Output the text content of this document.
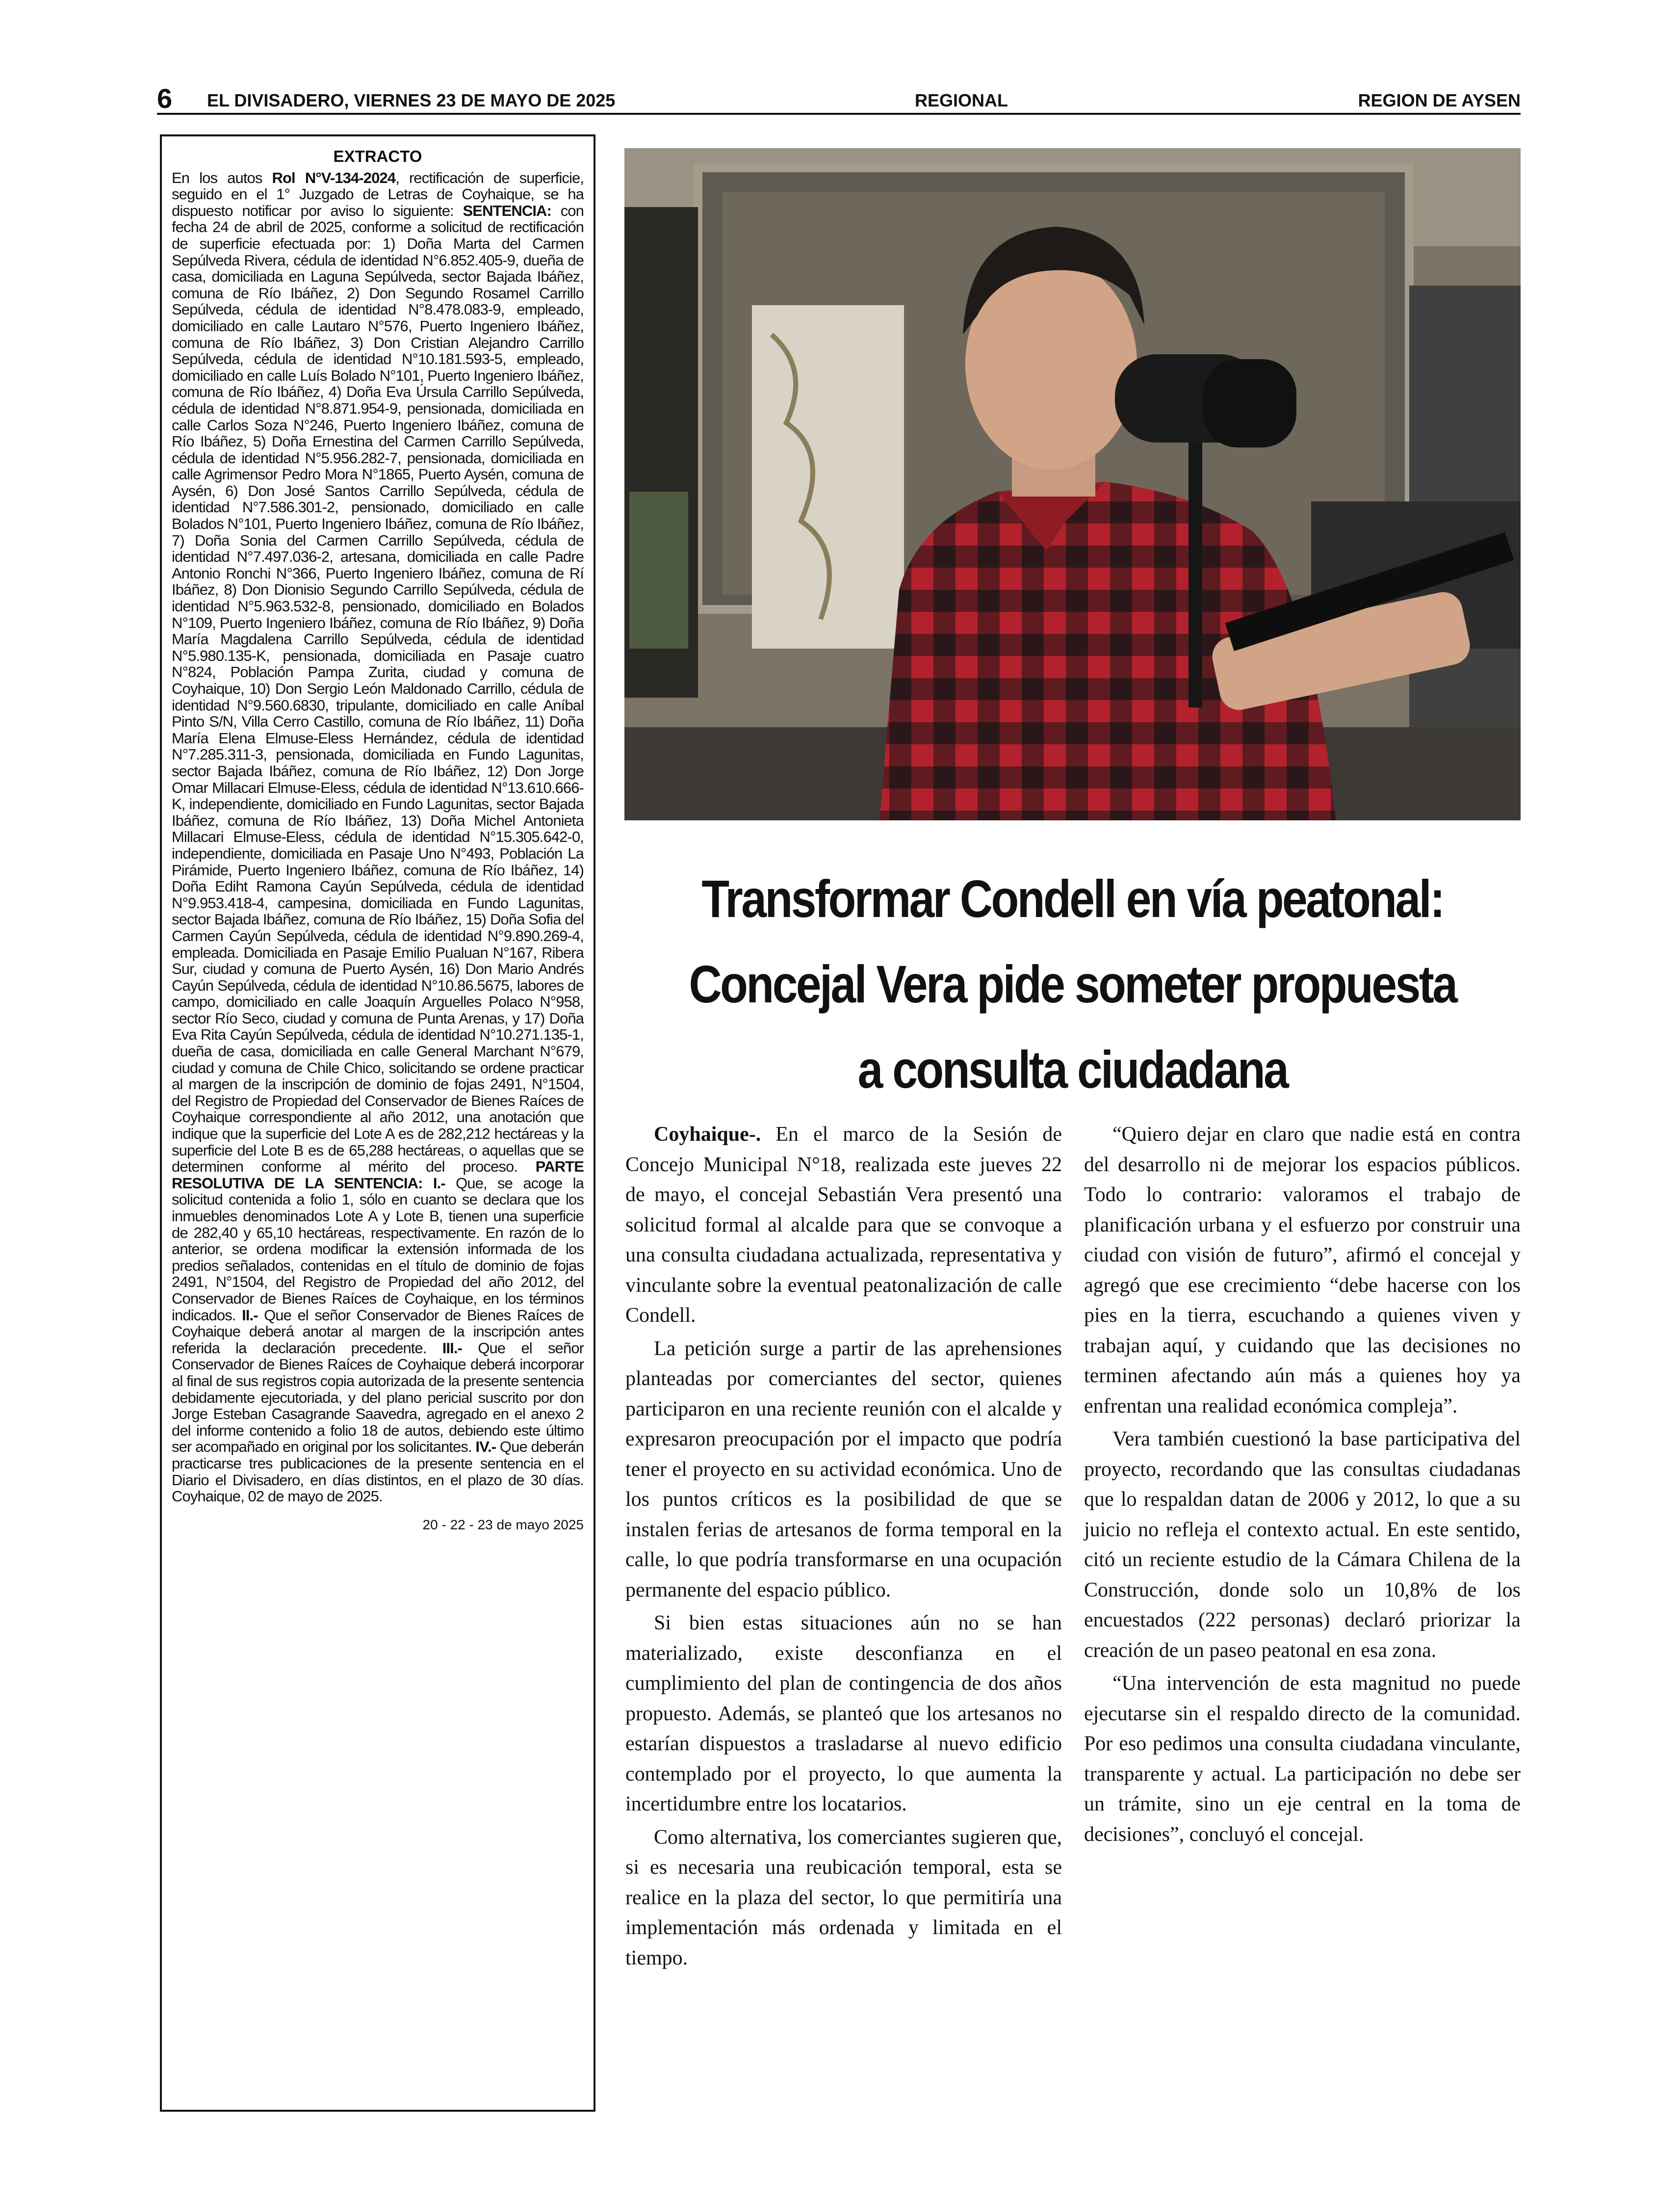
6 EL DIVISADERO, VIERNES 23 DE MAYO DE 2025	REGIONAL	REGION DE AYSEN
EXTRACTO

En los autos Rol N°V-134-2024, rectificación de superficie, seguido en el 1° Juzgado de Letras de Coyhaique, se ha dispuesto notificar por aviso lo siguiente: SENTENCIA: con fecha 24 de abril de 2025, conforme a solicitud de rectificación de superficie efectuada por: 1) Doña Marta del Carmen Sepúlveda Rivera, cédula de identidad N°6.852.405-9, dueña de casa, domiciliada en Laguna Sepúlveda, sector Bajada Ibáñez, comuna de Río Ibáñez, 2) Don Segundo Rosamel Carrillo Sepúlveda, cédula de identidad N°8.478.083-9, empleado, domiciliado en calle Lautaro N°576, Puerto Ingeniero Ibáñez, comuna de Río Ibáñez, 3) Don Cristian Alejandro Carrillo Sepúlveda, cédula de identidad N°10.181.593-5, empleado, domiciliado en calle Luís Bolado N°101, Puerto Ingeniero Ibáñez, comuna de Río Ibáñez, 4) Doña Eva Úrsula Carrillo Sepúlveda, cédula de identidad N°8.871.954-9, pensionada, domiciliada en calle Carlos Soza N°246, Puerto Ingeniero Ibáñez, comuna de Río Ibáñez, 5) Doña Ernestina del Carmen Carrillo Sepúlveda, cédula de identidad N°5.956.282-7, pensionada, domiciliada en calle Agrimensor Pedro Mora N°1865, Puerto Aysén, comuna de Aysén, 6) Don José Santos Carrillo Sepúlveda, cédula de identidad N°7.586.301-2, pensionado, domiciliado en calle Bolados N°101, Puerto Ingeniero Ibáñez, comuna de Río Ibáñez, 7) Doña Sonia del Carmen Carrillo Sepúlveda, cédula de identidad N°7.497.036-2, artesana, domiciliada en calle Padre Antonio Ronchi N°366, Puerto Ingeniero Ibáñez, comuna de Rí Ibáñez, 8) Don Dionisio Segundo Carrillo Sepúlveda, cédula de identidad N°5.963.532-8, pensionado, domiciliado en Bolados N°109, Puerto Ingeniero Ibáñez, comuna de Río Ibáñez, 9) Doña María Magdalena Carrillo Sepúlveda, cédula de identidad N°5.980.135-K, pensionada, domiciliada en Pasaje cuatro N°824, Población Pampa Zurita, ciudad y comuna de Coyhaique, 10) Don Sergio León Maldonado Carrillo, cédula de identidad N°9.560.6830, tripulante, domiciliado en calle Aníbal Pinto S/N, Villa Cerro Castillo, comuna de Río Ibáñez, 11) Doña María Elena Elmuse-Eless Hernández, cédula de identidad N°7.285.311-3, pensionada, domiciliada en Fundo Lagunitas, sector Bajada Ibáñez, comuna de Río Ibáñez, 12) Don Jorge Omar Millacari Elmuse-Eless, cédula de identidad N°13.610.666-K, independiente, domiciliado en Fundo Lagunitas, sector Bajada Ibáñez, comuna de Río Ibáñez, 13) Doña Michel Antonieta Millacari Elmuse-Eless, cédula de identidad N°15.305.642-0, independiente, domiciliada en Pasaje Uno N°493, Población La Pirámide, Puerto Ingeniero Ibáñez, comuna de Río Ibáñez, 14) Doña Ediht Ramona Cayún Sepúlveda, cédula de identidad N°9.953.418-4, campesina, domiciliada en Fundo Lagunitas, sector Bajada Ibáñez, comuna de Río Ibáñez, 15) Doña Sofia del Carmen Cayún Sepúlveda, cédula de identidad N°9.890.269-4, empleada. Domiciliada en Pasaje Emilio Pualuan N°167, Ribera Sur, ciudad y comuna de Puerto Aysén, 16) Don Mario Andrés Cayún Sepúlveda, cédula de identidad N°10.86.5675, labores de campo, domiciliado en calle Joaquín Arguelles Polaco N°958, sector Río Seco, ciudad y comuna de Punta Arenas, y 17) Doña Eva Rita Cayún Sepúlveda, cédula de identidad N°10.271.135-1, dueña de casa, domiciliada en calle General Marchant N°679, ciudad y comuna de Chile Chico, solicitando se ordene practicar al margen de la inscripción de dominio de fojas 2491, N°1504, del Registro de Propiedad del Conservador de Bienes Raíces de Coyhaique correspondiente al año 2012, una anotación que indique que la superficie del Lote A es de 282,212 hectáreas y la superficie del Lote B es de 65,288 hectáreas, o aquellas que se determinen conforme al mérito del proceso. PARTE RESOLUTIVA DE LA SENTENCIA: I.- Que, se acoge la solicitud contenida a folio 1, sólo en cuanto se declara que los inmuebles denominados Lote A y Lote B, tienen una superficie de 282,40 y 65,10 hectáreas, respectivamente. En razón de lo anterior, se ordena modificar la extensión informada de los predios señalados, contenidas en el título de dominio de fojas 2491, N°1504, del Registro de Propiedad del año 2012, del Conservador de Bienes Raíces de Coyhaique, en los términos indicados. II.- Que el señor Conservador de Bienes Raíces de Coyhaique deberá anotar al margen de la inscripción antes referida la declaración precedente. III.- Que el señor Conservador de Bienes Raíces de Coyhaique deberá incorporar al final de sus registros copia autorizada de la presente sentencia debidamente ejecutoriada, y del plano pericial suscrito por don Jorge Esteban Casagrande Saavedra, agregado en el anexo 2 del informe contenido a folio 18 de autos, debiendo este último ser acompañado en original por los solicitantes. IV.- Que deberán practicarse tres publicaciones de la presente sentencia en el Diario el Divisadero, en días distintos, en el plazo de 30 días. Coyhaique, 02 de mayo de 2025.

20 - 22 - 23 de mayo 2025
Transformar Condell en vía peatonal:
Concejal Vera pide someter propuesta
a consulta ciudadana

Coyhaique-. En el marco de la Sesión de Concejo Municipal N°18, realizada este jueves 22 de mayo, el concejal Sebastián Vera presentó una solicitud formal al alcalde para que se convoque a una consulta ciudadana actualizada, representativa y vinculante sobre la eventual peatonalización de calle Condell.

La petición surge a partir de las aprehensiones planteadas por comerciantes del sector, quienes participaron en una reciente reunión con el alcalde y expresaron preocupación por el impacto que podría tener el proyecto en su actividad económica. Uno de los puntos críticos es la posibilidad de que se instalen ferias de artesanos de forma temporal en la calle, lo que podría transformarse en una ocupación permanente del espacio público.

Si bien estas situaciones aún no se han materializado, existe desconfianza en el cumplimiento del plan de contingencia de dos años propuesto. Además, se planteó que los artesanos no estarían dispuestos a trasladarse al nuevo edificio contemplado por el proyecto, lo que aumenta la incertidumbre entre los locatarios.

Como alternativa, los comerciantes sugieren que, si es necesaria una reubicación temporal, esta se realice en la plaza del sector, lo que permitiría una implementación más ordenada y limitada en el tiempo.

“Quiero dejar en claro que nadie está en contra del desarrollo ni de mejorar los espacios públicos. Todo lo contrario: valoramos el trabajo de planificación urbana y el esfuerzo por construir una ciudad con visión de futuro”, afirmó el concejal y agregó que ese crecimiento “debe hacerse con los pies en la tierra, escuchando a quienes viven y trabajan aquí, y cuidando que las decisiones no terminen afectando aún más a quienes hoy ya enfrentan una realidad económica compleja”.

Vera también cuestionó la base participativa del proyecto, recordando que las consultas ciudadanas que lo respaldan datan de 2006 y 2012, lo que a su juicio no refleja el contexto actual. En este sentido, citó un reciente estudio de la Cámara Chilena de la Construcción, donde solo un 10,8% de los encuestados (222 personas) declaró priorizar la creación de un paseo peatonal en esa zona.

“Una intervención de esta magnitud no puede ejecutarse sin el respaldo directo de la comunidad. Por eso pedimos una consulta ciudadana vinculante, transparente y actual. La participación no debe ser un trámite, sino un eje central en la toma de decisiones”, concluyó el concejal.
